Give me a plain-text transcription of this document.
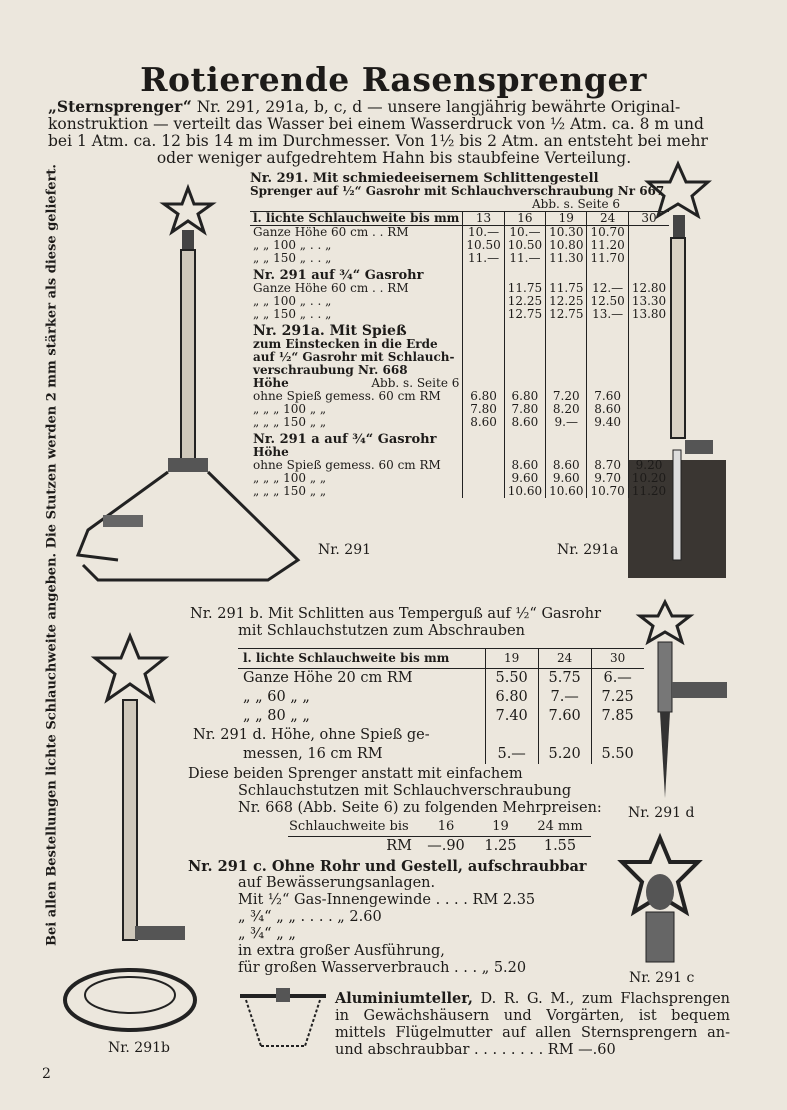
Rotierende Rasensprenger

„Sternsprenger“ Nr. 291, 291a, b, c, d — unsere langjährig bewährte Original-

konstruktion — verteilt das Wasser bei einem Wasserdruck von ½ Atm. ca. 8 m und

bei 1 Atm. ca. 12 bis 14 m im Durchmesser. Von 1½ bis 2 Atm. an entsteht bei mehr

oder weniger aufgedrehtem Hahn bis staubfeine Verteilung.

Bei allen Bestellungen lichte Schlauchweite angeben. Die Stutzen werden 2 mm stärker als diese geliefert.	Nr. 291	Nr. 291a
Nr. 291. Mit schmiedeeisernem Schlittengestell
Sprenger auf ½“ Gasrohr mit Schlauchverschraubung Nr 667
Abb. s. Seite 6
l. lichte Schlauchweite bis mm	13	16	19	24	30
Ganze Höhe 60 cm . . RM	10.—	10.—	10.30	10.70	
„ „ 100 „ . . „	10.50	10.50	10.80	11.20	
„ „ 150 „ . . „	11.—	11.—	11.30	11.70	
Nr. 291 auf ¾“ Gasrohr					
Ganze Höhe 60 cm . . RM		11.75	11.75	12.—	12.80
„ „ 100 „ . . „		12.25	12.25	12.50	13.30
„ „ 150 „ . . „		12.75	12.75	13.—	13.80
Nr. 291a. Mit Spieß					
zum Einstecken in die Erde					
auf ½“ Gasrohr mit Schlauch-					
verschraubung Nr. 668					
Höhe Abb. s. Seite 6					

ohne Spieß gemess. 60 cm RM	6.80	6.80	7.20	7.60	
„ „ „ 100 „ „	7.80	7.80	8.20	8.60	
„ „ „ 150 „ „	8.60	8.60	9.—	9.40	
Nr. 291 a auf ¾“ Gasrohr					
Höhe					
ohne Spieß gemess. 60 cm RM		8.60	8.60	8.70	9.20
„ „ „ 100 „ „		9.60	9.60	9.70	10.20
„ „ „ 150 „ „		10.60	10.60	10.70	11.20
Nr. 291 b. Mit Schlitten aus Temperguß auf ½“ Gasrohr
mit Schlauchstutzen zum Abschrauben
l. lichte Schlauchweite bis mm	19	24	30
Ganze Höhe 20 cm RM	5.50	5.75	6.—
„ „ 60 „ „	6.80	7.—	7.25
„ „ 80 „ „	7.40	7.60	7.85
Nr. 291 d. Höhe, ohne Spieß ge-			
messen, 16 cm RM	5.—	5.20	5.50
Diese beiden Sprenger anstatt mit einfachem
Schlauchstutzen mit Schlauchverschraubung
Nr. 668 (Abb. Seite 6) zu folgenden Mehrpreisen:
Schlauchweite bis	16	19	24 mm
RM	—.90	1.25	1.55
Nr. 291 c. Ohne Rohr und Gestell, aufschraubbar
auf Bewässerungsanlagen.
Mit ½“ Gas-Innengewinde . . . . RM 2.35
„ ¾“ „ „ . . . . „ 2.60
„ ¾“ „ „
in extra großer Ausführung,
für großen Wasserverbrauch . . . „ 5.20
Nr. 291 d
Nr. 291 c
Nr. 291b
Aluminiumteller, D. R. G. M., zum Flachsprengen in Gewächshäusern und Vorgärten, ist bequem mittels Flügelmutter auf allen Sternsprengern an- und abschraubbar . . . . . . . . RM —.60
2
